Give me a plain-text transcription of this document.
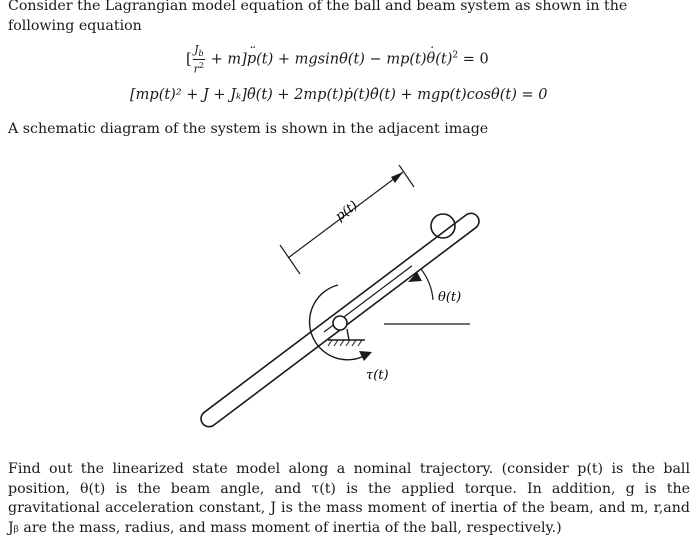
Consider the Lagrangian model equation of the ball and beam system as shown in the following equation

[ $\frac{J_b}{r^2}$ + m]¨ p(t) + mgsinθ(t) − mp(t)˙ $\theta(t)^2 = 0$
[mp(t)² + J + Jₖ]θ̈(t) + 2mp(t)ṗ(t)θ̇(t) + mgp(t)cosθ(t) = 0

A schematic diagram of the system is shown in the adjacent image

p(t)
τ(t)
θ(t)

Find out the linearized state model along a nominal trajectory. (consider p(t) is the ball position, θ(t) is the beam angle, and τ(t) is the applied torque. In addition, g is the gravitational acceleration constant, J is the mass moment of inertia of the beam, and m, r,and Jᵦ are the mass, radius, and mass moment of inertia of the ball, respectively.)
